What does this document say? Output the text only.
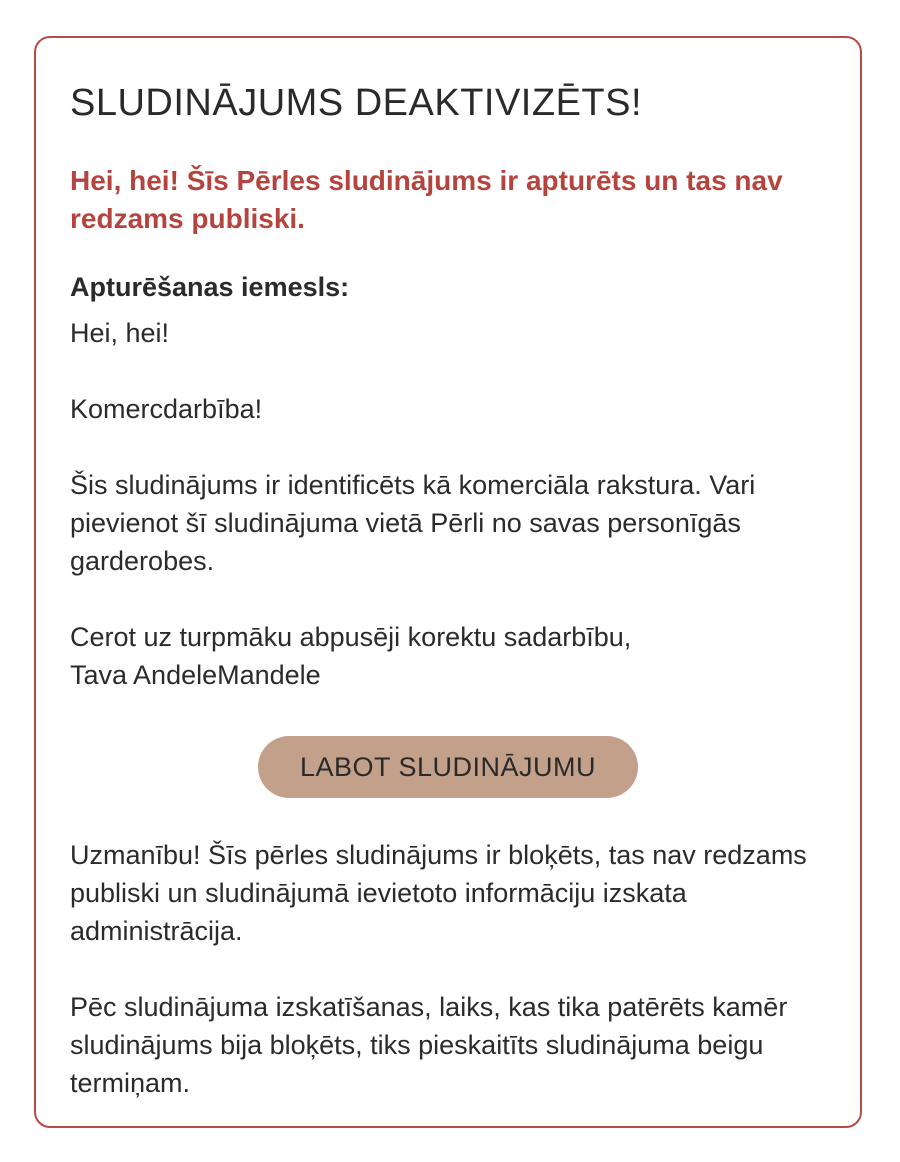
SLUDINĀJUMS DEAKTIVIZĒTS!

Hei, hei! Šīs Pērles sludinājums ir apturēts un tas nav redzams publiski.

Apturēšanas iemesls:

Hei, hei!

Komercdarbība!

Šis sludinājums ir identificēts kā komerciāla rakstura. Vari pievienot šī sludinājuma vietā Pērli no savas personīgās garderobes.

Cerot uz turpmāku abpusēji korektu sadarbību,
Tava AndeleMandele

LABOT SLUDINĀJUMU

Uzmanību! Šīs pērles sludinājums ir bloķēts, tas nav redzams publiski un sludinājumā ievietoto informāciju izskata administrācija.

Pēc sludinājuma izskatīšanas, laiks, kas tika patērēts kamēr sludinājums bija bloķēts, tiks pieskaitīts sludinājuma beigu termiņam.
